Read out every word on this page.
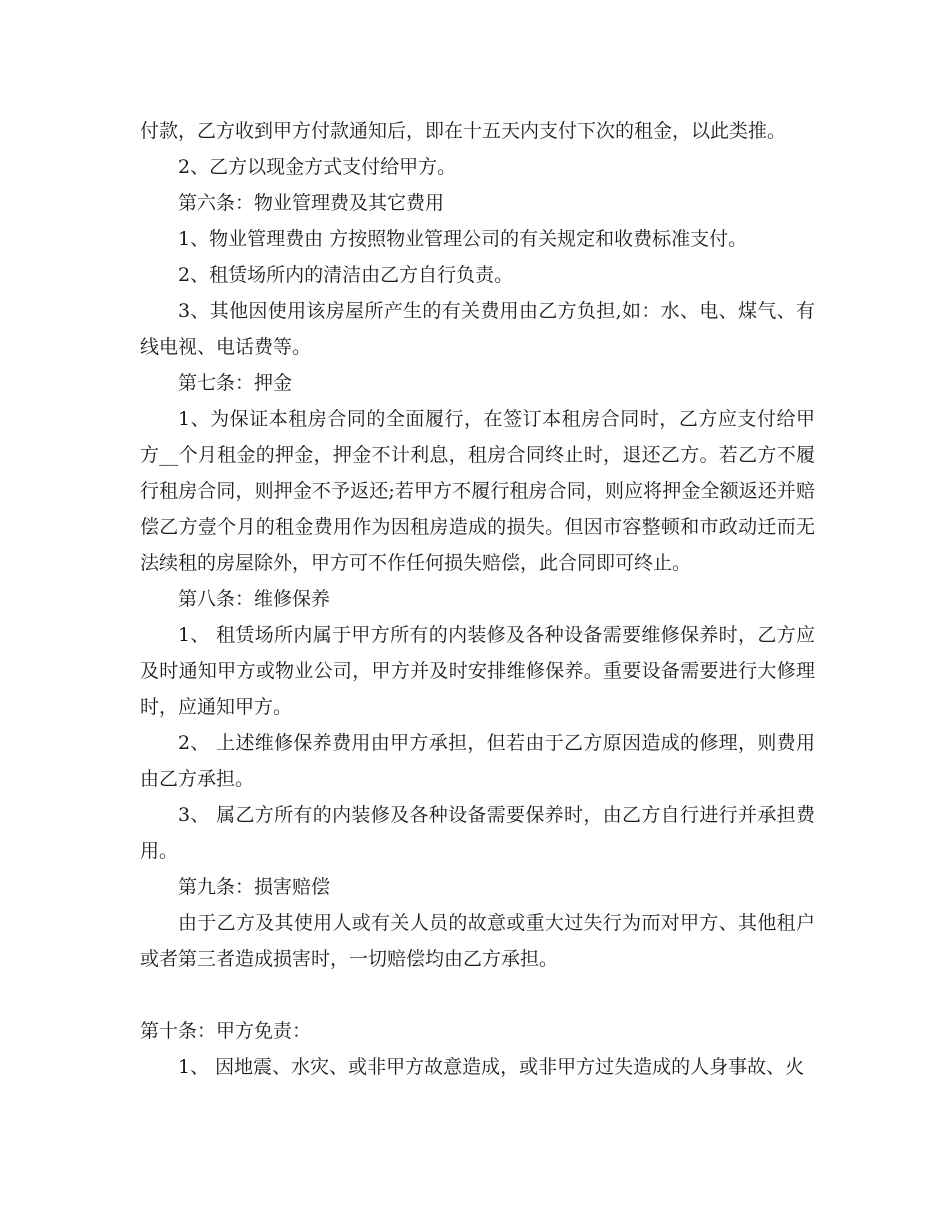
付款，乙方收到甲方付款通知后，即在十五天内支付下次的租金，以此类推。

2、乙方以现金方式支付给甲方。

第六条：物业管理费及其它费用

1、物业管理费由 方按照物业管理公司的有关规定和收费标准支付。

2、租赁场所内的清洁由乙方自行负责。

3、其他因使用该房屋所产生的有关费用由乙方负担,如：水、电、煤气、有线电视、电话费等。

第七条：押金

1、为保证本租房合同的全面履行，在签订本租房合同时，乙方应支付给甲方__个月租金的押金，押金不计利息，租房合同终止时，退还乙方。若乙方不履行租房合同，则押金不予返还;若甲方不履行租房合同，则应将押金全额返还并赔偿乙方壹个月的租金费用作为因租房造成的损失。但因市容整顿和市政动迁而无法续租的房屋除外，甲方可不作任何损失赔偿，此合同即可终止。

第八条：维修保养

1、 租赁场所内属于甲方所有的内装修及各种设备需要维修保养时，乙方应及时通知甲方或物业公司，甲方并及时安排维修保养。重要设备需要进行大修理时，应通知甲方。

2、 上述维修保养费用由甲方承担，但若由于乙方原因造成的修理，则费用由乙方承担。

3、 属乙方所有的内装修及各种设备需要保养时，由乙方自行进行并承担费用。

第九条：损害赔偿

由于乙方及其使用人或有关人员的故意或重大过失行为而对甲方、其他租户或者第三者造成损害时，一切赔偿均由乙方承担。

第十条：甲方免责：

1、 因地震、水灾、或非甲方故意造成，或非甲方过失造成的人身事故、火
